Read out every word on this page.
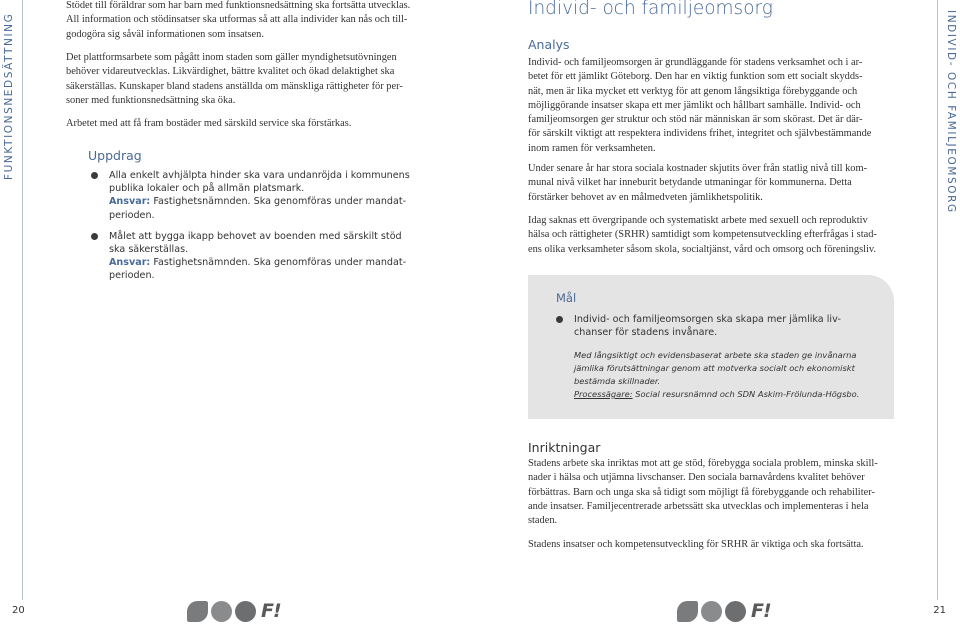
FUNKTIONSNEDSÄTTNING	INDIVID- OCH FAMILJEOMSORG
Stödet till föräldrar som har barn med funktionsnedsättning ska fortsätta utvecklas.
All information och stödinsatser ska utformas så att alla individer kan nås och till-
godogöra sig såväl informationen som insatsen.
Det plattformsarbete som pågått inom staden som gäller myndighetsutövningen
behöver vidareutvecklas. Likvärdighet, bättre kvalitet och ökad delaktighet ska
säkerställas. Kunskaper bland stadens anställda om mänskliga rättigheter för per-
soner med funktionsnedsättning ska öka.
Arbetet med att få fram bostäder med särskild service ska förstärkas.
Uppdrag
Alla enkelt avhjälpta hinder ska vara undanröjda i kommunens
publika lokaler och på allmän platsmark.
Ansvar: Fastighetsnämnden. Ska genomföras under mandat-
perioden.
Målet att bygga ikapp behovet av boenden med särskilt stöd
ska säkerställas.
Ansvar: Fastighetsnämnden. Ska genomföras under mandat-
perioden.
Individ- och familjeomsorg
Analys
Individ- och familjeomsorgen är grundläggande för stadens verksamhet och i ar-
betet för ett jämlikt Göteborg. Den har en viktig funktion som ett socialt skydds-
nät, men är lika mycket ett verktyg för att genom långsiktiga förebyggande och
möjliggörande insatser skapa ett mer jämlikt och hållbart samhälle. Individ- och
familjeomsorgen ger struktur och stöd när människan är som skörast. Det är där-
för särskilt viktigt att respektera individens frihet, integritet och självbestämmande
inom ramen för verksamheten.
Under senare år har stora sociala kostnader skjutits över från statlig nivå till kom-
munal nivå vilket har inneburit betydande utmaningar för kommunerna. Detta
förstärker behovet av en målmedveten jämlikhetspolitik.
Idag saknas ett övergripande och systematiskt arbete med sexuell och reproduktiv
hälsa och rättigheter (SRHR) samtidigt som kompetensutveckling efterfrågas i stad-
ens olika verksamheter såsom skola, socialtjänst, vård och omsorg och föreningsliv.
Mål
Individ- och familjeomsorgen ska skapa mer jämlika liv-
chanser för stadens invånare.
Med långsiktigt och evidensbaserat arbete ska staden ge invånarna
jämlika förutsättningar genom att motverka socialt och ekonomiskt
bestämda skillnader.
Processägare: Social resursnämnd och SDN Askim-Frölunda-Högsbo.
Inriktningar
Stadens arbete ska inriktas mot att ge stöd, förebygga sociala problem, minska skill-
nader i hälsa och utjämna livschanser. Den sociala barnavårdens kvalitet behöver
förbättras. Barn och unga ska så tidigt som möjligt få förebyggande och rehabiliter-
ande insatser. Familjecentrerade arbetssätt ska utvecklas och implementeras i hela
staden.
Stadens insatser och kompetensutveckling för SRHR är viktiga och ska fortsätta.
20	21
F!	F!
